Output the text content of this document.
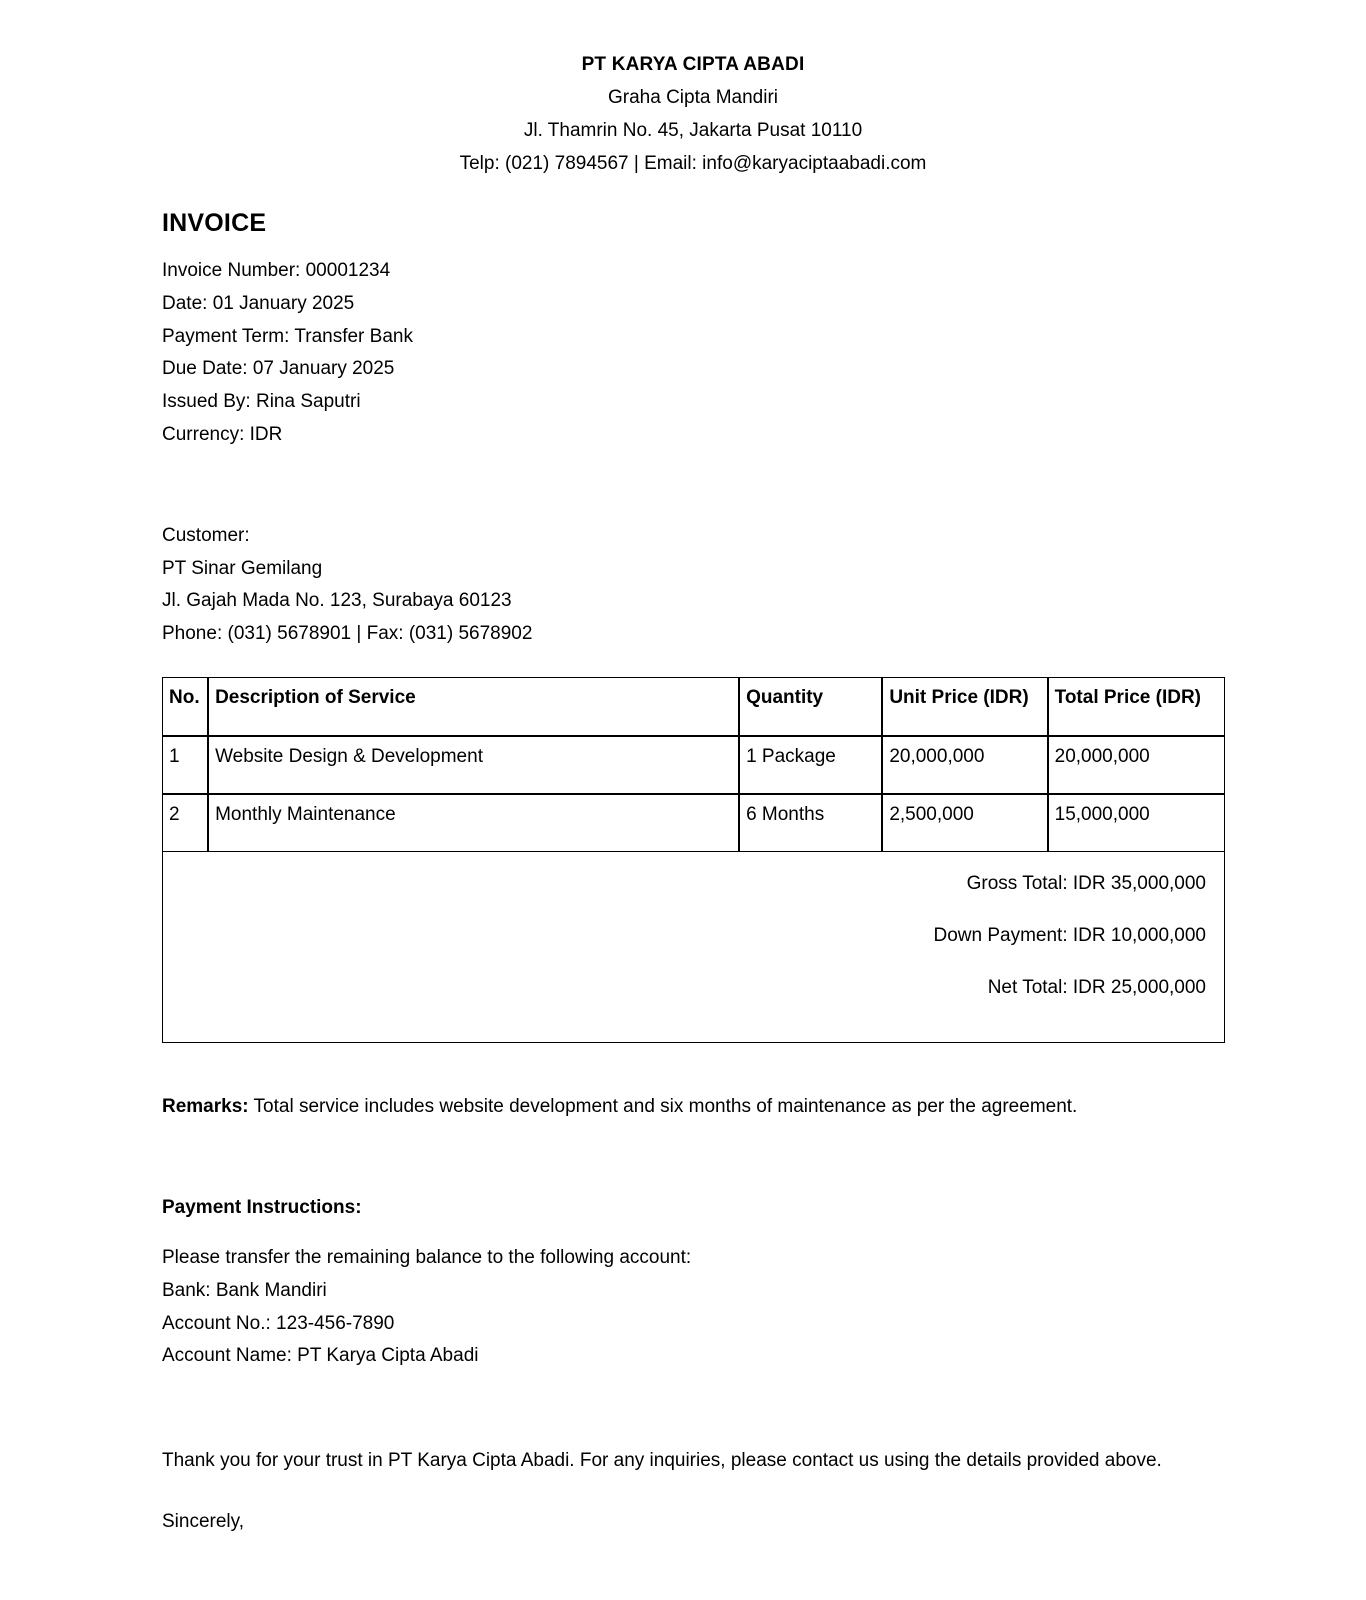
PT KARYA CIPTA ABADI
Graha Cipta Mandiri
Jl. Thamrin No. 45, Jakarta Pusat 10110
Telp: (021) 7894567 | Email: info@karyaciptaabadi.com
INVOICE
Invoice Number: 00001234
Date: 01 January 2025
Payment Term: Transfer Bank
Due Date: 07 January 2025
Issued By: Rina Saputri
Currency: IDR
Customer:
PT Sinar Gemilang
Jl. Gajah Mada No. 123, Surabaya 60123
Phone: (031) 5678901 | Fax: (031) 5678902
No.	Description of Service	Quantity	Unit Price (IDR)	Total Price (IDR)
1	Website Design & Development	1 Package	20,000,000	20,000,000
2	Monthly Maintenance	6 Months	2,500,000	15,000,000
Gross Total: IDR 35,000,000
Down Payment: IDR 10,000,000
Net Total: IDR 25,000,000
Remarks: Total service includes website development and six months of maintenance as per the agreement.
Payment Instructions:
Please transfer the remaining balance to the following account:
Bank: Bank Mandiri
Account No.: 123-456-7890
Account Name: PT Karya Cipta Abadi
Thank you for your trust in PT Karya Cipta Abadi. For any inquiries, please contact us using the details provided above.
Sincerely,
